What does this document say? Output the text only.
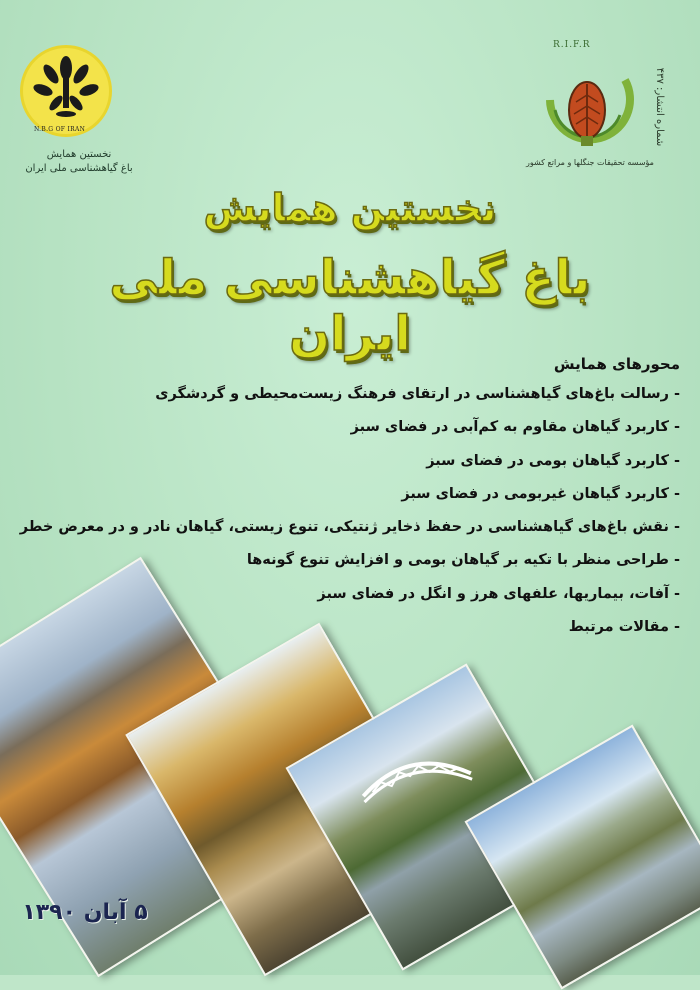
N.B.G OF IRAN
نخستین همایش
باغ گیاهشناسی ملی ایران
R.I.F.R
مؤسسه تحقیقات جنگلها و مراتع کشور
شماره انتشار: ۴۳۷
نخستین همایش
باغ گیاهشناسی ملی ایران
محورهای همایش
- رسالت باغ‌های گیاهشناسی در ارتقای فرهنگ زیست‌محیطی و گردشگری
- کاربرد گیاهان مقاوم به کم‌آبی در فضای سبز
- کاربرد گیاهان بومی در فضای سبز
- کاربرد گیاهان غیربومی در فضای سبز
- نقش باغ‌های گیاهشناسی در حفظ ذخایر ژنتیکی، تنوع زیستی، گیاهان نادر و در معرض خطر
- طراحی منظر با تکیه بر گیاهان بومی و افزایش تنوع گونه‌ها
- آفات، بیماریها، علفهای هرز و انگل در فضای سبز
- مقالات مرتبط
۵ آبان ۱۳۹۰
